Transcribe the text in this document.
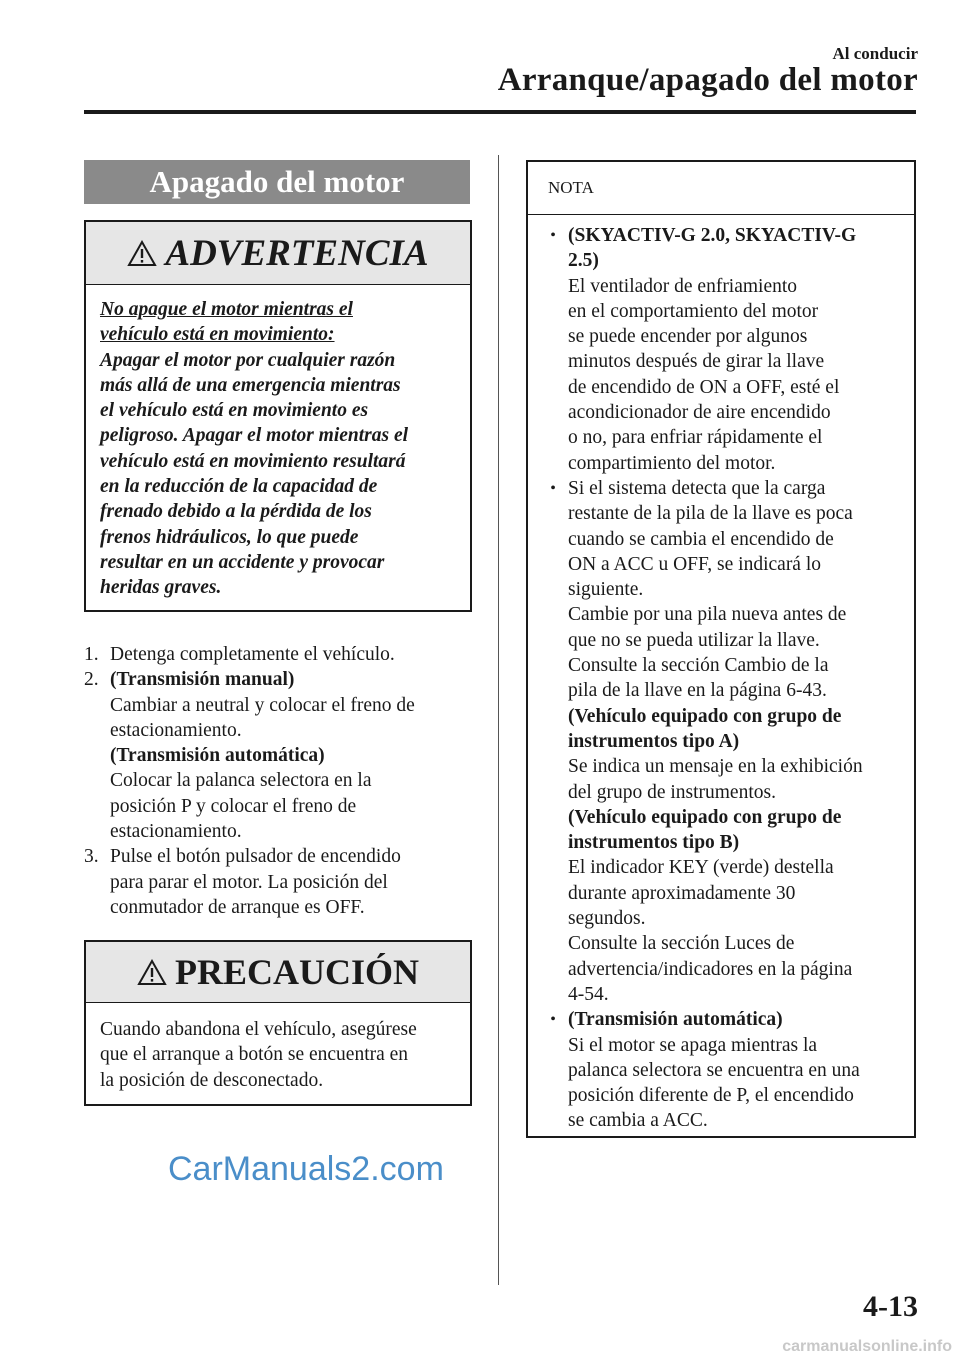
Al conducir
Arranque/apagado del motor
Apagado del motor
ADVERTENCIA
No apague el motor mientras el
vehículo está en movimiento:
Apagar el motor por cualquier razón
más allá de una emergencia mientras
el vehículo está en movimiento es
peligroso. Apagar el motor mientras el
vehículo está en movimiento resultará
en la reducción de la capacidad de
frenado debido a la pérdida de los
frenos hidráulicos, lo que puede
resultar en un accidente y provocar
heridas graves.
1. Detenga completamente el vehículo.
2. (Transmisión manual)
Cambiar a neutral y colocar el freno de
estacionamiento.
(Transmisión automática)
Colocar la palanca selectora en la
posición P y colocar el freno de
estacionamiento.
3. Pulse el botón pulsador de encendido
para parar el motor. La posición del
conmutador de arranque es OFF.
PRECAUCIÓN
Cuando abandona el vehículo, asegúrese
que el arranque a botón se encuentra en
la posición de desconectado.
NOTA
• (SKYACTIV-G 2.0, SKYACTIV-G
2.5)
El ventilador de enfriamiento
en el comportamiento del motor
se puede encender por algunos
minutos después de girar la llave
de encendido de ON a OFF, esté el
acondicionador de aire encendido
o no, para enfriar rápidamente el
compartimiento del motor.
• Si el sistema detecta que la carga
restante de la pila de la llave es poca
cuando se cambia el encendido de
ON a ACC u OFF, se indicará lo
siguiente.
Cambie por una pila nueva antes de
que no se pueda utilizar la llave.
Consulte la sección Cambio de la
pila de la llave en la página 6-43.
(Vehículo equipado con grupo de
instrumentos tipo A)
Se indica un mensaje en la exhibición
del grupo de instrumentos.
(Vehículo equipado con grupo de
instrumentos tipo B)
El indicador KEY (verde) destella
durante aproximadamente 30
segundos.
Consulte la sección Luces de
advertencia/indicadores en la página
4-54.
• (Transmisión automática)
Si el motor se apaga mientras la
palanca selectora se encuentra en una
posición diferente de P, el encendido
se cambia a ACC.
CarManuals2.com
4-13
carmanualsonline.info
